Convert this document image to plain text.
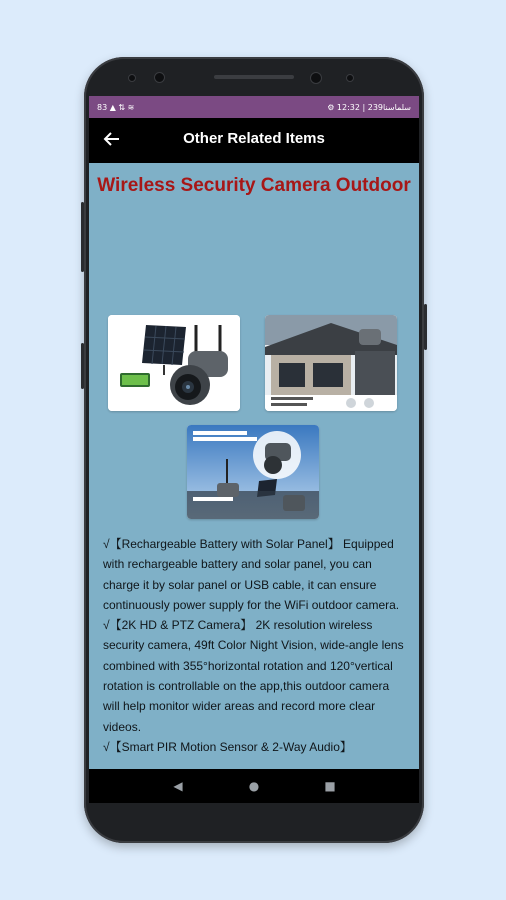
83 ▲ ⇅ ≋	⚙ سلماسنا239 | 12:32
Other Related Items
Wireless Security Camera Outdoor

√【Rechargeable Battery with Solar Panel】 Equipped with rechargeable battery and solar panel, you can charge it by solar panel or USB cable, it can ensure continuously power supply for the WiFi outdoor camera.

√【2K HD & PTZ Camera】 2K resolution wireless security camera, 49ft Color Night Vision, wide-angle lens combined with 355°horizontal rotation and 120°vertical rotation is controllable on the app,this outdoor camera will help monitor wider areas and record more clear videos.

√【Smart PIR Motion Sensor & 2-Way Audio】

◀	●	■
